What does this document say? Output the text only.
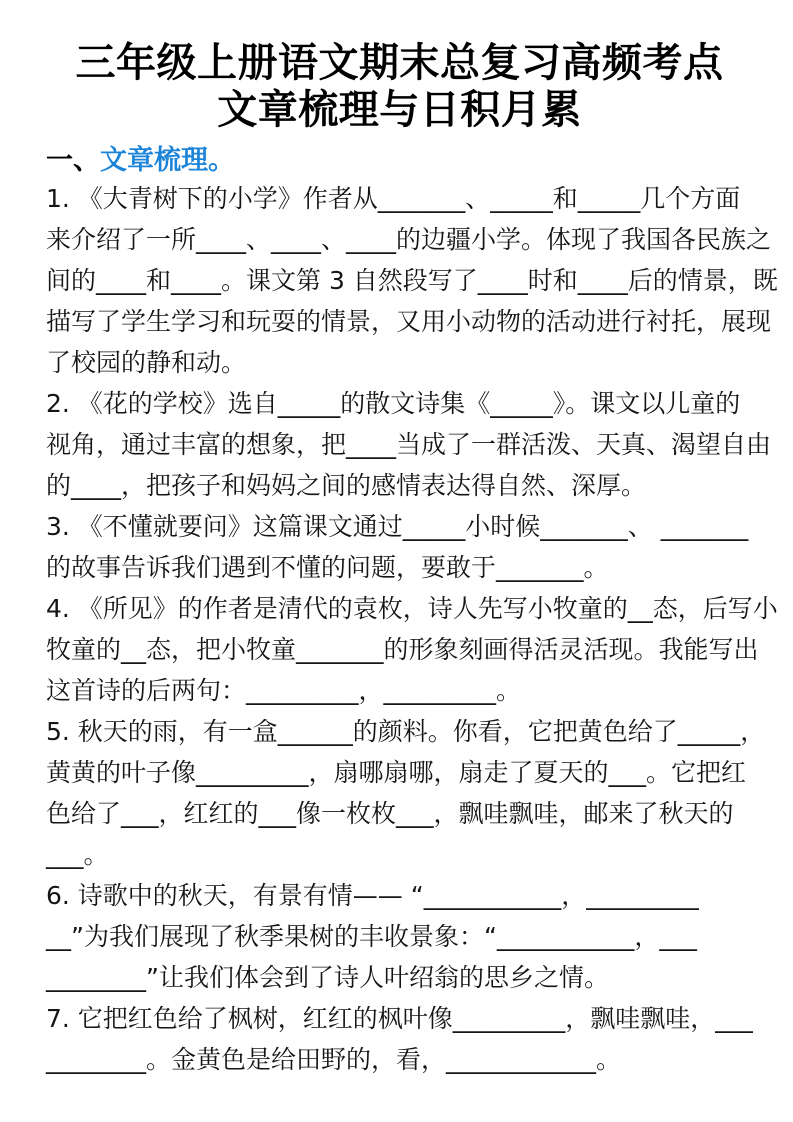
三年级上册语文期末总复习高频考点
文章梳理与日积月累
一、文章梳理。
1. 《大青树下的小学》作者从_______、_____和_____几个方面
来介绍了一所____、____、____的边疆小学。体现了我国各民族之
间的____和____。课文第 3 自然段写了____时和____后的情景，既
描写了学生学习和玩耍的情景，又用小动物的活动进行衬托，展现
了校园的静和动。
2. 《花的学校》选自_____的散文诗集《_____》。课文以儿童的
视角，通过丰富的想象，把____当成了一群活泼、天真、渴望自由
的____，把孩子和妈妈之间的感情表达得自然、深厚。
3. 《不懂就要问》这篇课文通过_____小时候_______、 _______
的故事告诉我们遇到不懂的问题，要敢于_______。
4. 《所见》的作者是清代的袁枚，诗人先写小牧童的__态，后写小
牧童的__态，把小牧童_______的形象刻画得活灵活现。我能写出
这首诗的后两句：_________，_________。
5. 秋天的雨，有一盒______的颜料。你看，它把黄色给了_____，
黄黄的叶子像_________，扇哪扇哪，扇走了夏天的___。它把红
色给了___，红红的___像一枚枚___，飘哇飘哇，邮来了秋天的
___。
6. 诗歌中的秋天，有景有情—— “___________，_________
__”为我们展现了秋季果树的丰收景象：“___________，___
________”让我们体会到了诗人叶绍翁的思乡之情。
7. 它把红色给了枫树，红红的枫叶像_________，飘哇飘哇，___
________。金黄色是给田野的，看，____________。
